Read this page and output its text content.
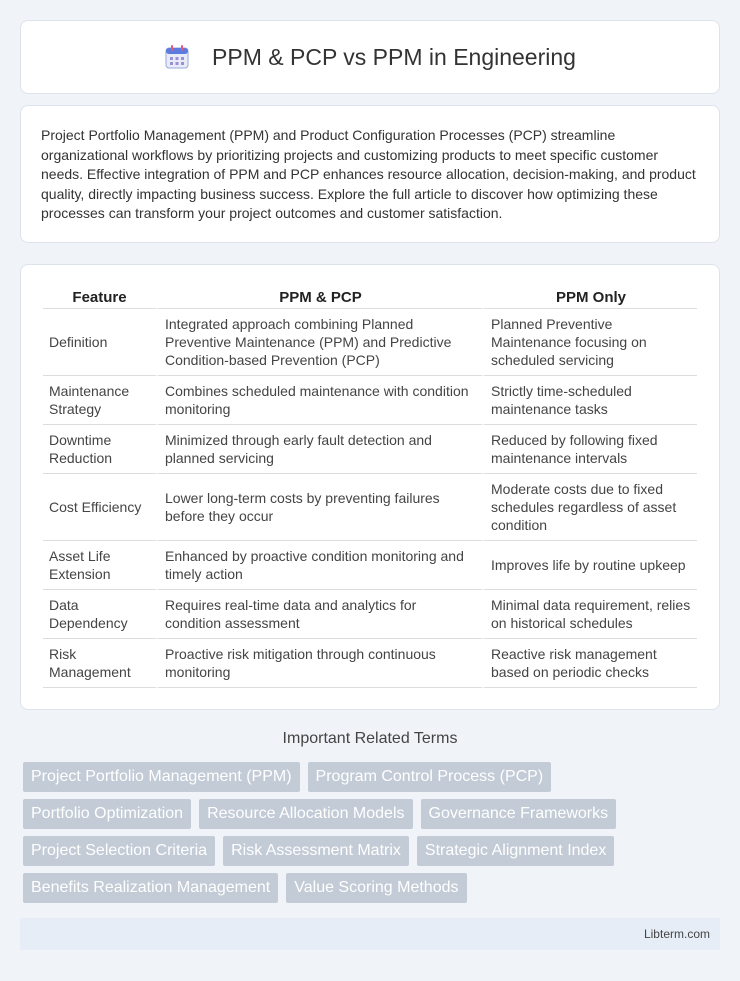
PPM & PCP vs PPM in Engineering

Project Portfolio Management (PPM) and Product Configuration Processes (PCP) streamline organizational workflows by prioritizing projects and customizing products to meet specific customer needs. Effective integration of PPM and PCP enhances resource allocation, decision-making, and product quality, directly impacting business success. Explore the full article to discover how optimizing these processes can transform your project outcomes and customer satisfaction.

Feature	PPM & PCP	PPM Only
Definition	Integrated approach combining Planned Preventive Maintenance (PPM) and Predictive Condition-based Prevention (PCP)	Planned Preventive Maintenance focusing on scheduled servicing
Maintenance Strategy	Combines scheduled maintenance with condition monitoring	Strictly time-scheduled maintenance tasks
Downtime Reduction	Minimized through early fault detection and planned servicing	Reduced by following fixed maintenance intervals
Cost Efficiency	Lower long-term costs by preventing failures before they occur	Moderate costs due to fixed schedules regardless of asset condition
Asset Life Extension	Enhanced by proactive condition monitoring and timely action	Improves life by routine upkeep
Data Dependency	Requires real-time data and analytics for condition assessment	Minimal data requirement, relies on historical schedules
Risk Management	Proactive risk mitigation through continuous monitoring	Reactive risk management based on periodic checks
Important Related Terms
Project Portfolio Management (PPM)	Program Control Process (PCP)
Portfolio Optimization	Resource Allocation Models	Governance Frameworks
Project Selection Criteria	Risk Assessment Matrix	Strategic Alignment Index
Benefits Realization Management	Value Scoring Methods
Libterm.com
